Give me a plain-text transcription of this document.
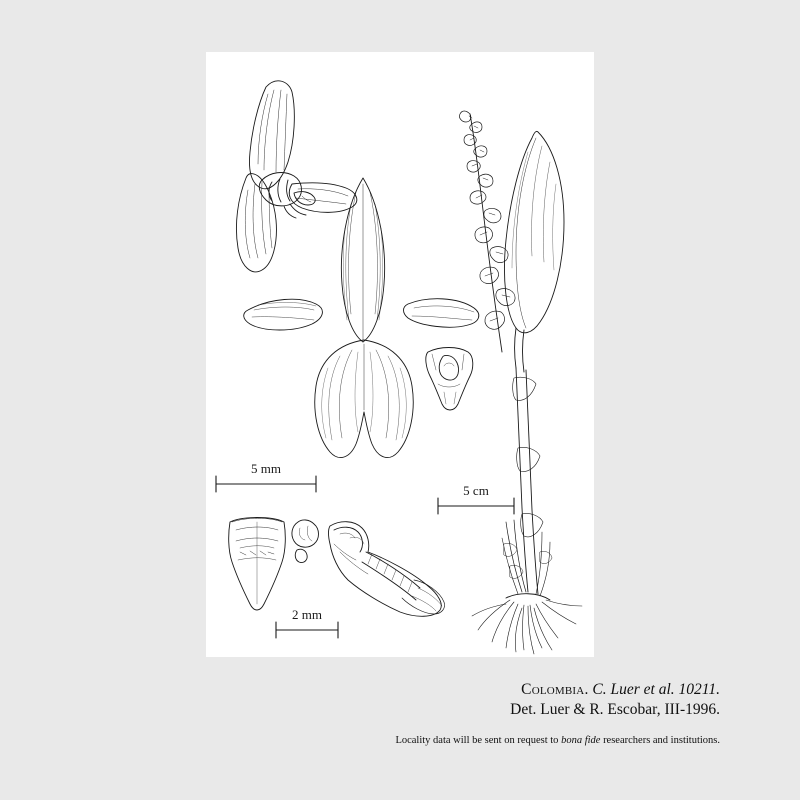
5 mm
2 mm
5 cm
Colombia. C. Luer et al. 10211.
Det. Luer & R. Escobar, III-1996.
Locality data will be sent on request to bona fide researchers and institutions.
